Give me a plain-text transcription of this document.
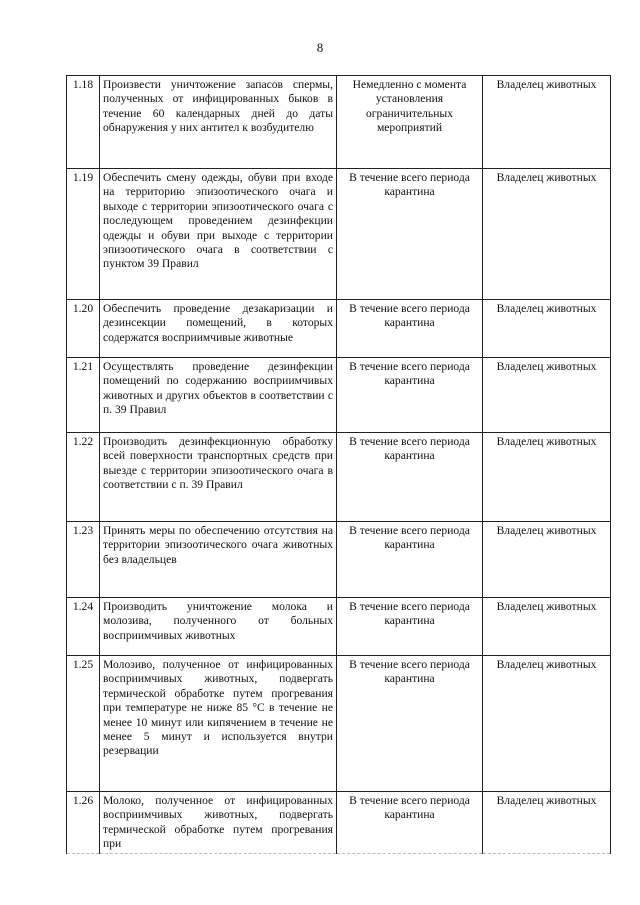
8
1.18	Произвести уничтожение запасов спермы, полученных от инфицированных быков в течение 60 календарных дней до даты обнаружения у них антител к возбудителю	Немедленно с момента установления ограничительных мероприятий	Владелец животных
1.19	Обеспечить смену одежды, обуви при входе на территорию эпизоотического очага и выходе с территории эпизоотического очага с последующем проведением дезинфекции одежды и обуви при выходе с территории эпизоотического очага в соответствии с пунктом 39 Правил	В течение всего периода карантина	Владелец животных
1.20	Обеспечить проведение дезакаризации и дезинсекции помещений, в которых содержатся восприимчивые животные	В течение всего периода карантина	Владелец животных
1.21	Осуществлять проведение дезинфекции помещений по содержанию восприимчивых животных и других объектов в соответствии с п. 39 Правил	В течение всего периода карантина	Владелец животных
1.22	Производить дезинфекционную обработку всей поверхности транспортных средств при выезде с территории эпизоотического очага в соответствии с п. 39 Правил	В течение всего периода карантина	Владелец животных
1.23	Принять меры по обеспечению отсутствия на территории эпизоотического очага животных без владельцев	В течение всего периода карантина	Владелец животных
1.24	Производить уничтожение молока и молозива, полученного от больных восприимчивых животных	В течение всего периода карантина	Владелец животных
1.25	Молозиво, полученное от инфицированных восприимчивых животных, подвергать термической обработке путем прогревания при температуре не ниже 85 °С в течение не менее 10 минут или кипячением в течение не менее 5 минут и используется внутри резервации	В течение всего периода карантина	Владелец животных
1.26	Молоко, полученное от инфицированных восприимчивых животных, подвергать термической обработке путем прогревания при	В течение всего периода карантина	Владелец животных
